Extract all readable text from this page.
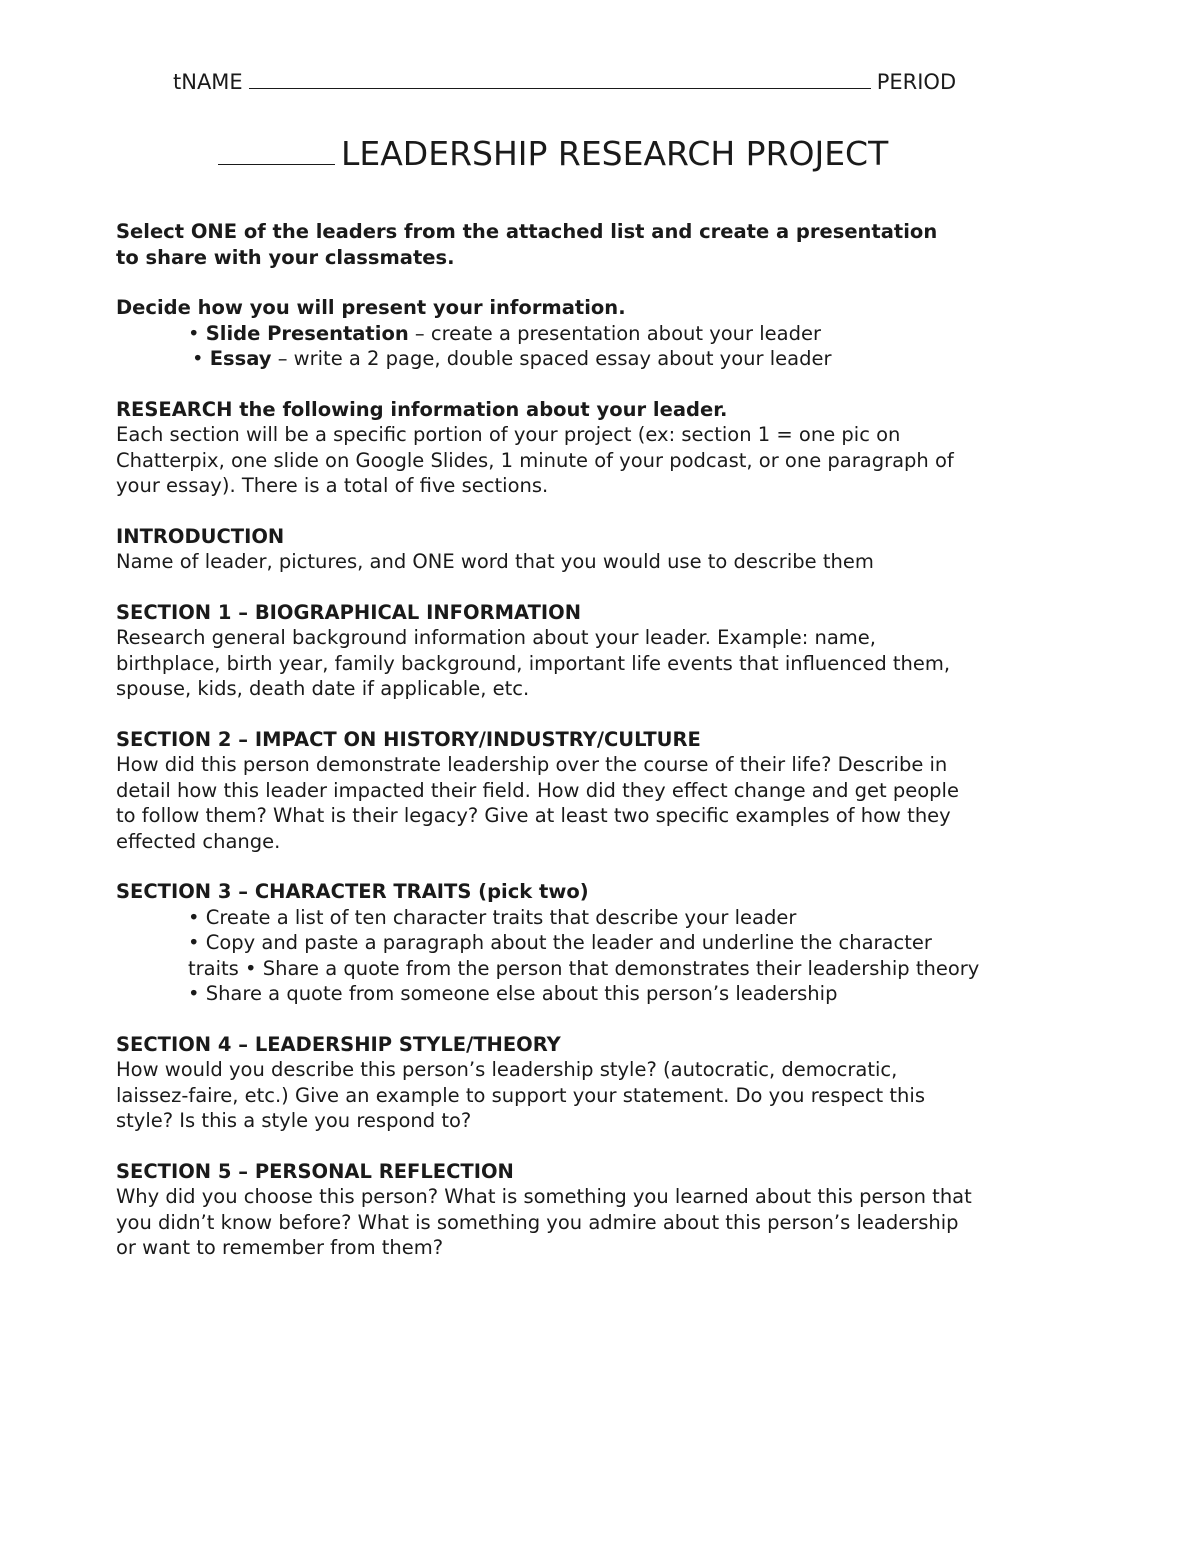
tNAME	PERIOD
LEADERSHIP RESEARCH PROJECT

Select ONE of the leaders from the attached list and create a presentation

to share with your classmates.

Decide how you will present your information.

• Slide Presentation – create a presentation about your leader

• Essay – write a 2 page, double spaced essay about your leader

RESEARCH the following information about your leader.

Each section will be a specific portion of your project (ex: section 1 = one pic on

Chatterpix, one slide on Google Slides, 1 minute of your podcast, or one paragraph of

your essay). There is a total of five sections.

INTRODUCTION

Name of leader, pictures, and ONE word that you would use to describe them

SECTION 1 – BIOGRAPHICAL INFORMATION

Research general background information about your leader. Example: name,

birthplace, birth year, family background, important life events that influenced them,

spouse, kids, death date if applicable, etc.

SECTION 2 – IMPACT ON HISTORY/INDUSTRY/CULTURE

How did this person demonstrate leadership over the course of their life? Describe in

detail how this leader impacted their field. How did they effect change and get people

to follow them? What is their legacy? Give at least two specific examples of how they

effected change.

SECTION 3 – CHARACTER TRAITS (pick two)

• Create a list of ten character traits that describe your leader

• Copy and paste a paragraph about the leader and underline the character

traits • Share a quote from the person that demonstrates their leadership theory

• Share a quote from someone else about this person’s leadership

SECTION 4 – LEADERSHIP STYLE/THEORY

How would you describe this person’s leadership style? (autocratic, democratic,

laissez-faire, etc.) Give an example to support your statement. Do you respect this

style? Is this a style you respond to?

SECTION 5 – PERSONAL REFLECTION

Why did you choose this person? What is something you learned about this person that

you didn’t know before? What is something you admire about this person’s leadership

or want to remember from them?
